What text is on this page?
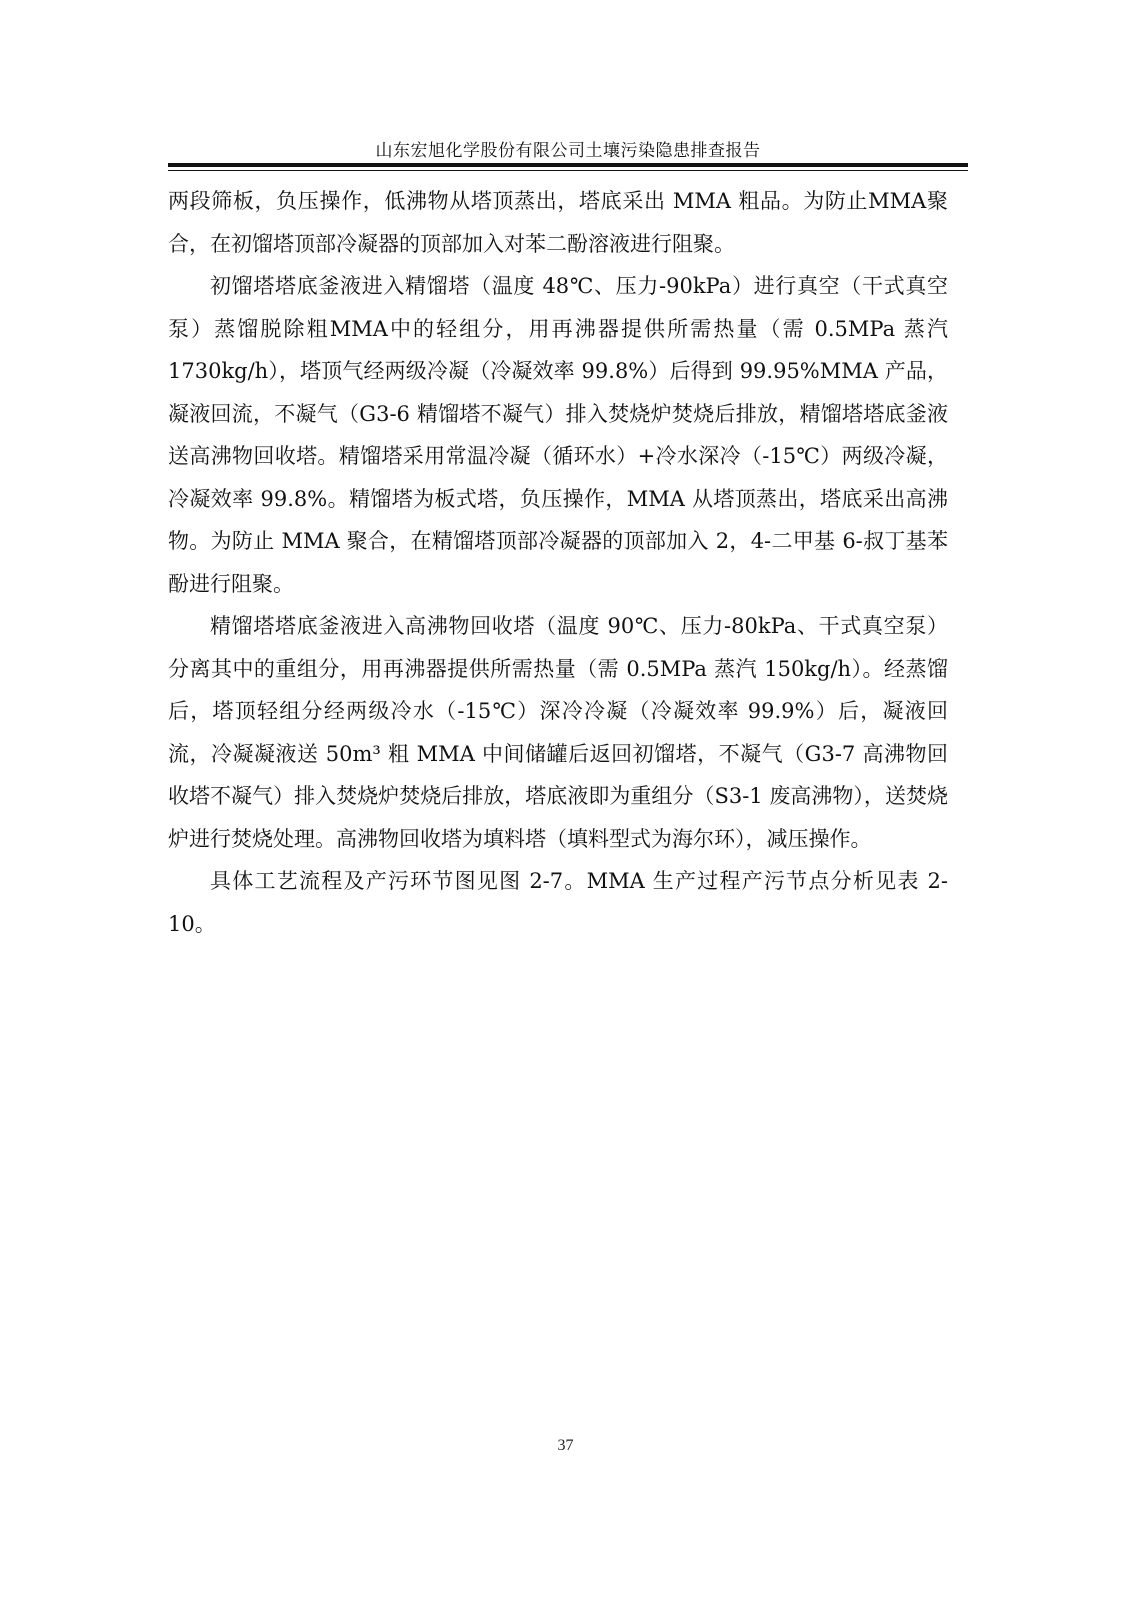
山东宏旭化学股份有限公司土壤污染隐患排查报告

两段筛板，负压操作，低沸物从塔顶蒸出，塔底采出 MMA 粗品。为防止MMA聚合，在初馏塔顶部冷凝器的顶部加入对苯二酚溶液进行阻聚。

初馏塔塔底釜液进入精馏塔（温度 48℃、压力-90kPa）进行真空（干式真空泵）蒸馏脱除粗MMA中的轻组分，用再沸器提供所需热量（需 0.5MPa 蒸汽1730kg/h），塔顶气经两级冷凝（冷凝效率 99.8%）后得到 99.95%MMA 产品，凝液回流，不凝气（G3-6 精馏塔不凝气）排入焚烧炉焚烧后排放，精馏塔塔底釜液送高沸物回收塔。精馏塔采用常温冷凝（循环水）+冷水深冷（-15℃）两级冷凝，冷凝效率 99.8%。精馏塔为板式塔，负压操作，MMA 从塔顶蒸出，塔底采出高沸物。为防止 MMA 聚合，在精馏塔顶部冷凝器的顶部加入 2，4-二甲基 6-叔丁基苯酚进行阻聚。

精馏塔塔底釜液进入高沸物回收塔（温度 90℃、压力-80kPa、干式真空泵）分离其中的重组分，用再沸器提供所需热量（需 0.5MPa 蒸汽 150kg/h）。经蒸馏后，塔顶轻组分经两级冷水（-15℃）深冷冷凝（冷凝效率 99.9%）后，凝液回流，冷凝凝液送 50m³ 粗 MMA 中间储罐后返回初馏塔，不凝气（G3-7 高沸物回收塔不凝气）排入焚烧炉焚烧后排放，塔底液即为重组分（S3-1 废高沸物），送焚烧炉进行焚烧处理。高沸物回收塔为填料塔（填料型式为海尔环），减压操作。

具体工艺流程及产污环节图见图 2-7。MMA 生产过程产污节点分析见表 2-10。

37
